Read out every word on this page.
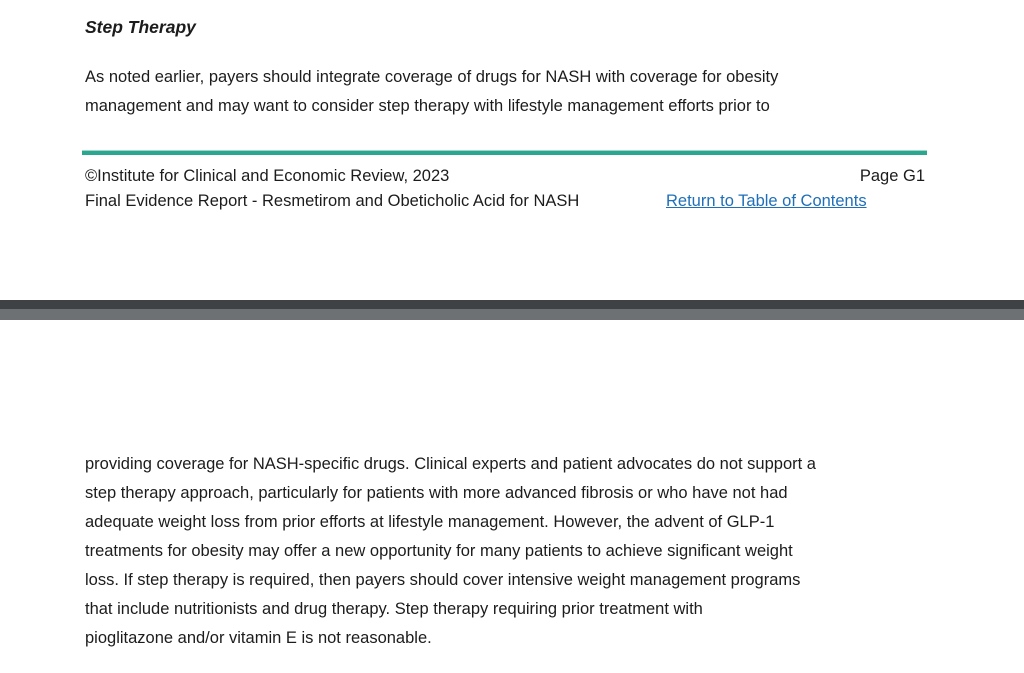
Step Therapy

As noted earlier, payers should integrate coverage of drugs for NASH with coverage for obesity
management and may want to consider step therapy with lifestyle management efforts prior to

©Institute for Clinical and Economic Review, 2023	Page G1
Final Evidence Report - Resmetirom and Obeticholic Acid for NASH	Return to Table of Contents

providing coverage for NASH-specific drugs. Clinical experts and patient advocates do not support a
step therapy approach, particularly for patients with more advanced fibrosis or who have not had
adequate weight loss from prior efforts at lifestyle management. However, the advent of GLP-1
treatments for obesity may offer a new opportunity for many patients to achieve significant weight
loss. If step therapy is required, then payers should cover intensive weight management programs
that include nutritionists and drug therapy. Step therapy requiring prior treatment with
pioglitazone and/or vitamin E is not reasonable.
